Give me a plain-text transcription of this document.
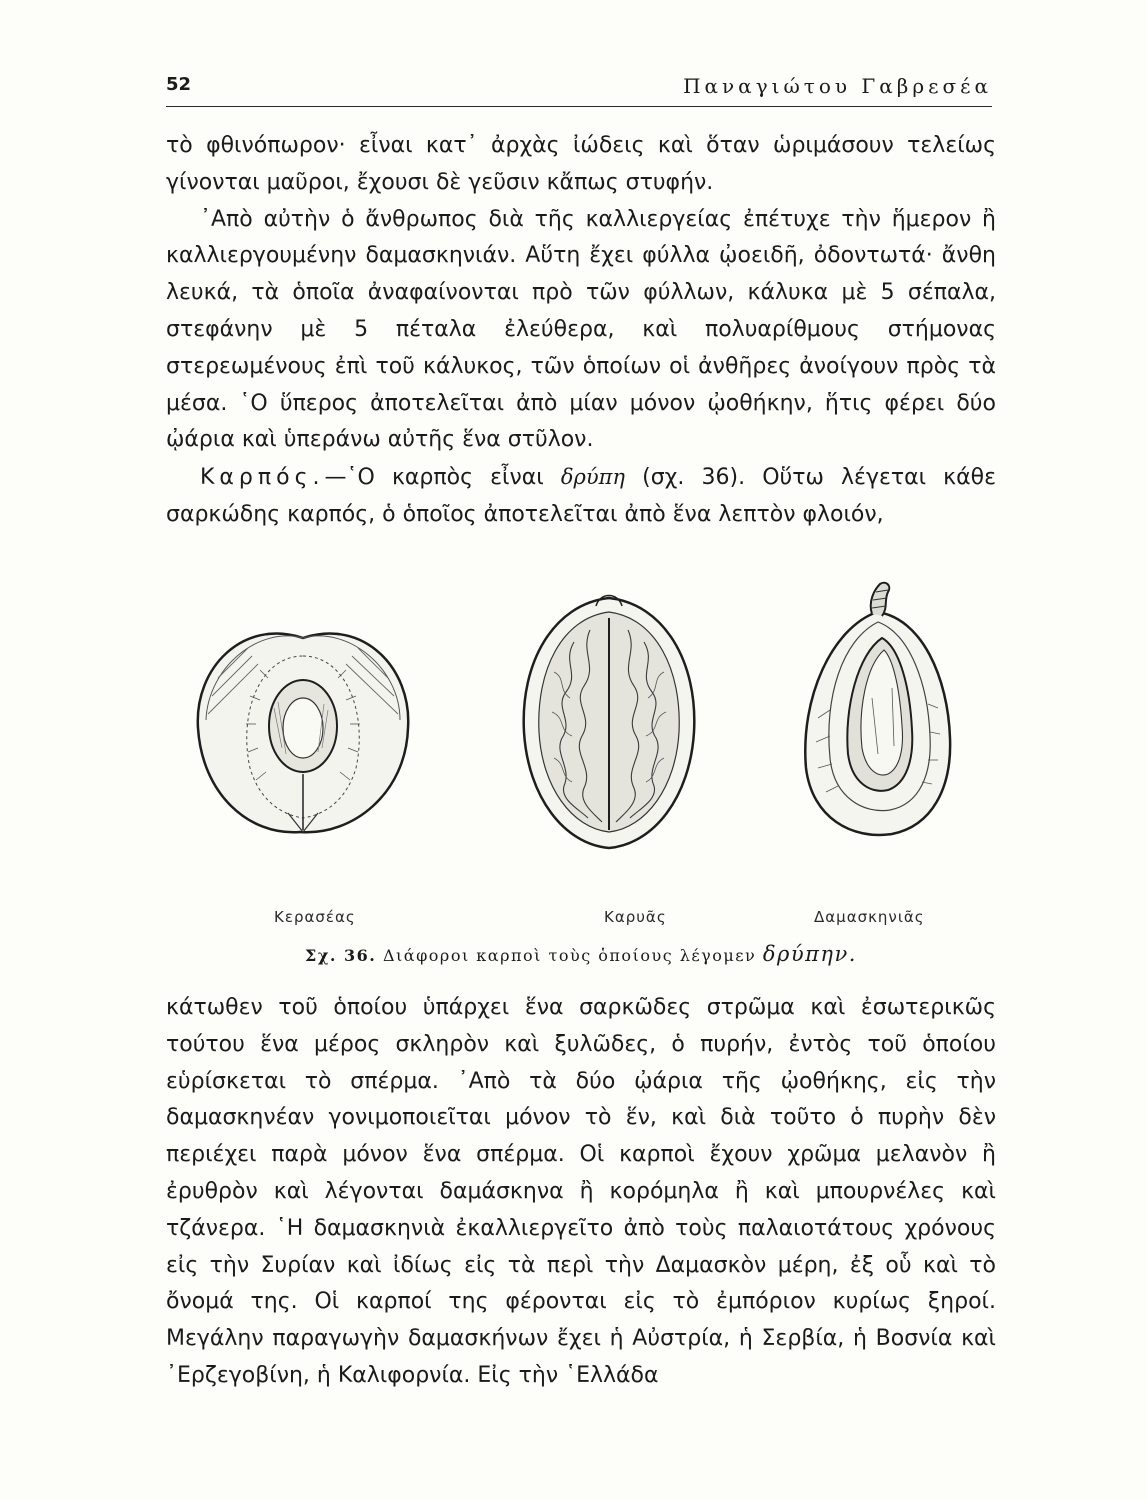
52	Παναγιώτου Γαβρεσέα

τὸ φθινόπωρον· εἶναι κατ᾽ ἀρχὰς ἰώδεις καὶ ὅταν ὡριμάσουν τελείως γίνονται μαῦροι, ἔχουσι δὲ γεῦσιν κἄπως στυφήν.

᾽Απὸ αὐτὴν ὁ ἄνθρωπος διὰ τῆς καλλιεργείας ἐπέτυχε τὴν ἥμερον ἢ καλλιεργουμένην δαμασκηνιάν. Αὕτη ἔχει φύλλα ᾠοειδῆ, ὀδοντωτά· ἄνθη λευκά, τὰ ὁποῖα ἀναφαίνονται πρὸ τῶν φύλλων, κάλυκα μὲ 5 σέπαλα, στεφάνην μὲ 5 πέταλα ἐλεύθερα, καὶ πολυαρίθμους στήμονας στερεωμένους ἐπὶ τοῦ κάλυκος, τῶν ὁποίων οἱ ἀνθῆρες ἀνοίγουν πρὸς τὰ μέσα. ῾Ο ὕπερος ἀποτελεῖται ἀπὸ μίαν μόνον ᾠοθήκην, ἥτις φέρει δύο ᾠάρια καὶ ὑπεράνω αὐτῆς ἕνα στῦλον.

Καρπός.—῾Ο καρπὸς εἶναι δρύπη (σχ. 36). Οὕτω λέγεται κάθε σαρκώδης καρπός, ὁ ὁποῖος ἀποτελεῖται ἀπὸ ἕνα λεπτὸν φλοιόν,

Κερασέας	Καρυᾶς	Δαμασκηνιᾶς
Σχ. 36. Διάφοροι καρποὶ τοὺς ὁποίους λέγομεν δρύπην.

κάτωθεν τοῦ ὁποίου ὑπάρχει ἕνα σαρκῶδες στρῶμα καὶ ἐσωτερικῶς τούτου ἕνα μέρος σκληρὸν καὶ ξυλῶδες, ὁ πυρήν, ἐντὸς τοῦ ὁποίου εὑρίσκεται τὸ σπέρμα. ᾽Απὸ τὰ δύο ᾠάρια τῆς ᾠοθήκης, εἰς τὴν δαμασκηνέαν γονιμοποιεῖται μόνον τὸ ἕν, καὶ διὰ τοῦτο ὁ πυρὴν δὲν περιέχει παρὰ μόνον ἕνα σπέρμα. Οἱ καρποὶ ἔχουν χρῶμα μελανὸν ἢ ἐρυθρὸν καὶ λέγονται δαμάσκηνα ἢ κορόμηλα ἢ καὶ μπουρνέλες καὶ τζάνερα. ῾Η δαμασκηνιὰ ἐκαλλιεργεῖτο ἀπὸ τοὺς παλαιοτάτους χρόνους εἰς τὴν Συρίαν καὶ ἰδίως εἰς τὰ περὶ τὴν Δαμασκὸν μέρη, ἐξ οὗ καὶ τὸ ὄνομά της. Οἱ καρποί της φέρονται εἰς τὸ ἐμπόριον κυρίως ξηροί. Μεγάλην παραγωγὴν δαμασκήνων ἔχει ἡ Αὐστρία, ἡ Σερβία, ἡ Βοσνία καὶ ᾽Ερζεγοβίνη, ἡ Καλιφορνία. Εἰς τὴν ῾Ελλάδα
